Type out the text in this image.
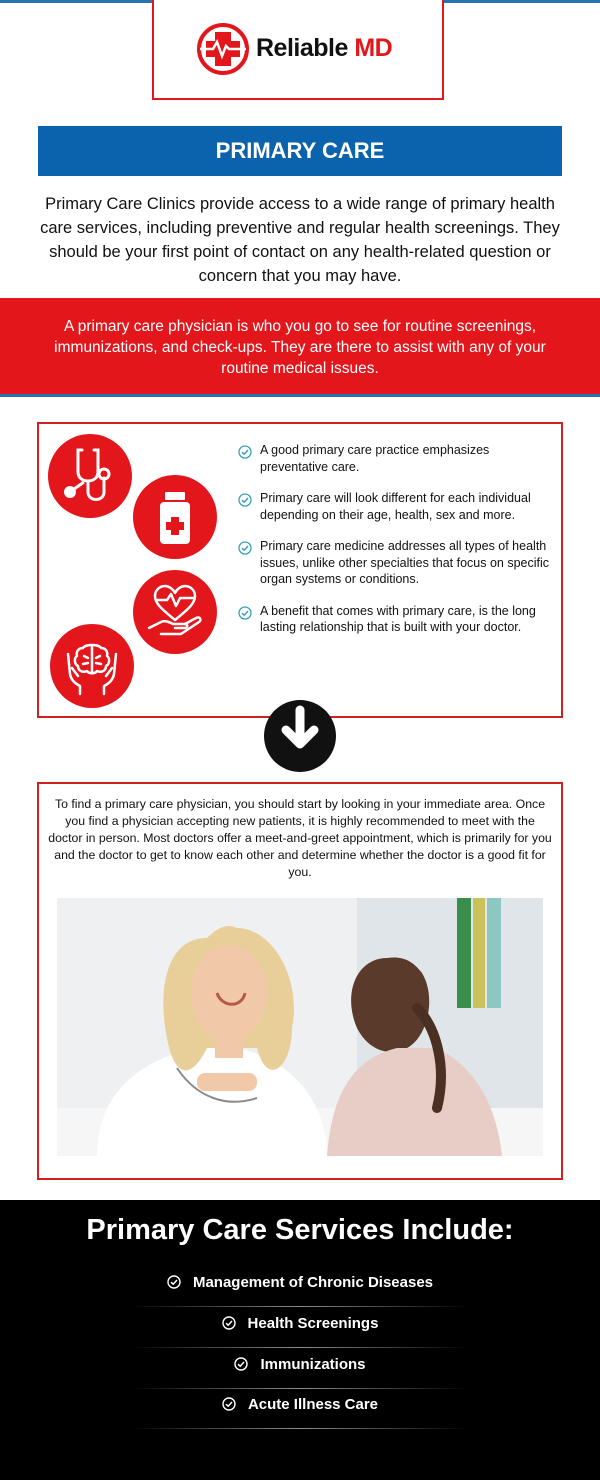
Reliable MD
PRIMARY CARE
Primary Care Clinics provide access to a wide range of primary health care services, including preventive and regular health screenings. They should be your first point of contact on any health-related question or concern that you may have.
A primary care physician is who you go to see for routine screenings, immunizations, and check-ups. They are there to assist with any of your routine medical issues.
A good primary care practice emphasizes preventative care.
Primary care will look different for each individual depending on their age, health, sex and more.
Primary care medicine addresses all types of health issues, unlike other specialties that focus on specific organ systems or conditions.
A benefit that comes with primary care, is the long lasting relationship that is built with your doctor.
To find a primary care physician, you should start by looking in your immediate area. Once you find a physician accepting new patients, it is highly recommended to meet with the doctor in person. Most doctors offer a meet-and-greet appointment, which is primarily for you and the doctor to get to know each other and determine whether the doctor is a good fit for you.
Primary Care Services Include:
Management of Chronic Diseases
Health Screenings
Immunizations
Acute Illness Care
